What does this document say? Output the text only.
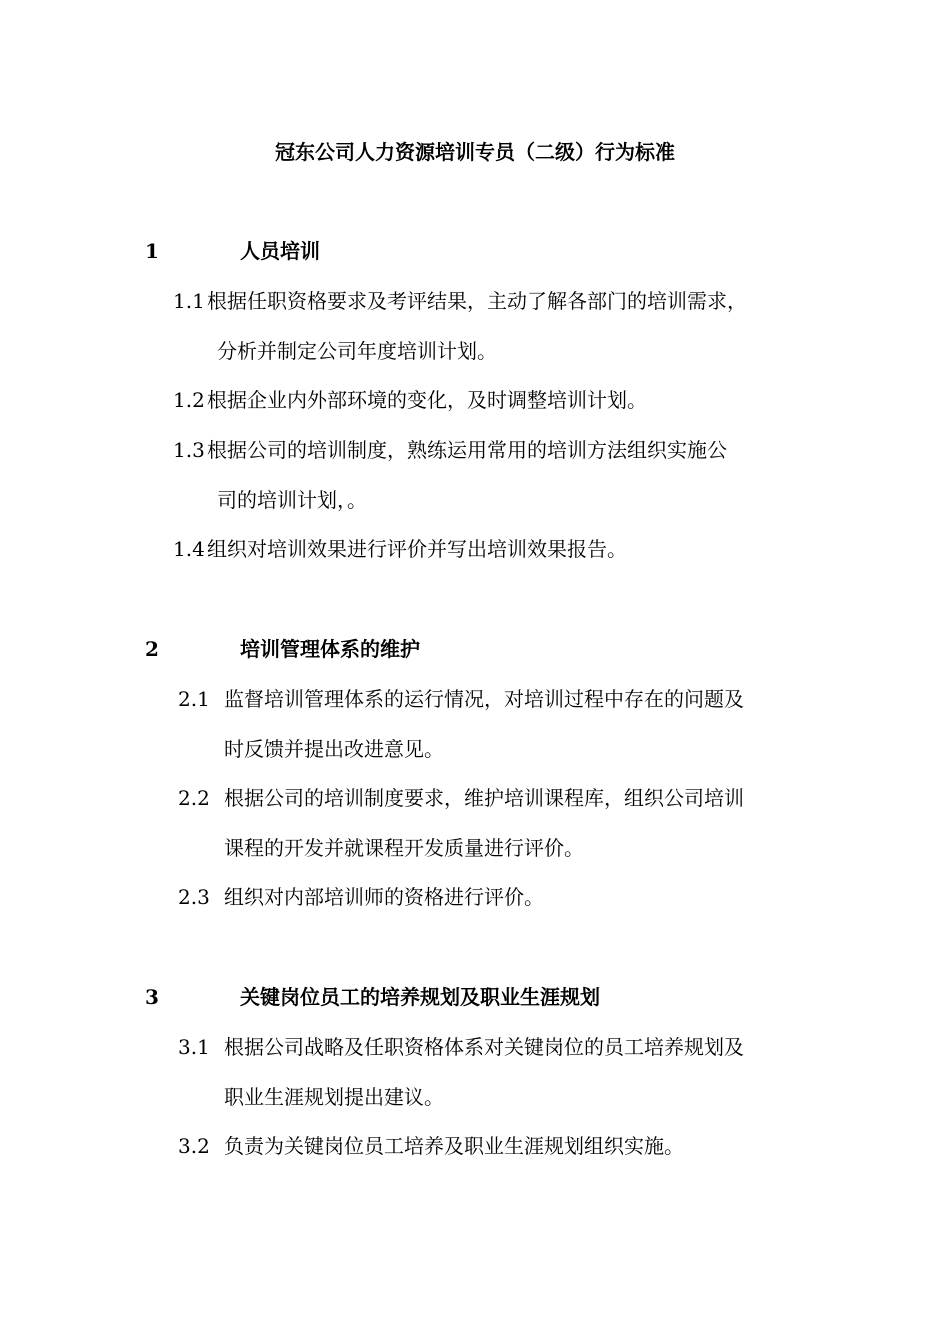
冠东公司人力资源培训专员（二级）行为标准
1	人员培训
1.1 根据任职资格要求及考评结果，主动了解各部门的培训需求，
分析并制定公司年度培训计划。
1.2 根据企业内外部环境的变化，及时调整培训计划。
1.3 根据公司的培训制度，熟练运用常用的培训方法组织实施公
司的培训计划，。
1.4 组织对培训效果进行评价并写出培训效果报告。
2	培训管理体系的维护
2.1 监督培训管理体系的运行情况，对培训过程中存在的问题及
时反馈并提出改进意见。
2.2 根据公司的培训制度要求，维护培训课程库，组织公司培训
课程的开发并就课程开发质量进行评价。
2.3 组织对内部培训师的资格进行评价。
3	关键岗位员工的培养规划及职业生涯规划
3.1 根据公司战略及任职资格体系对关键岗位的员工培养规划及
职业生涯规划提出建议。
3.2 负责为关键岗位员工培养及职业生涯规划组织实施。
